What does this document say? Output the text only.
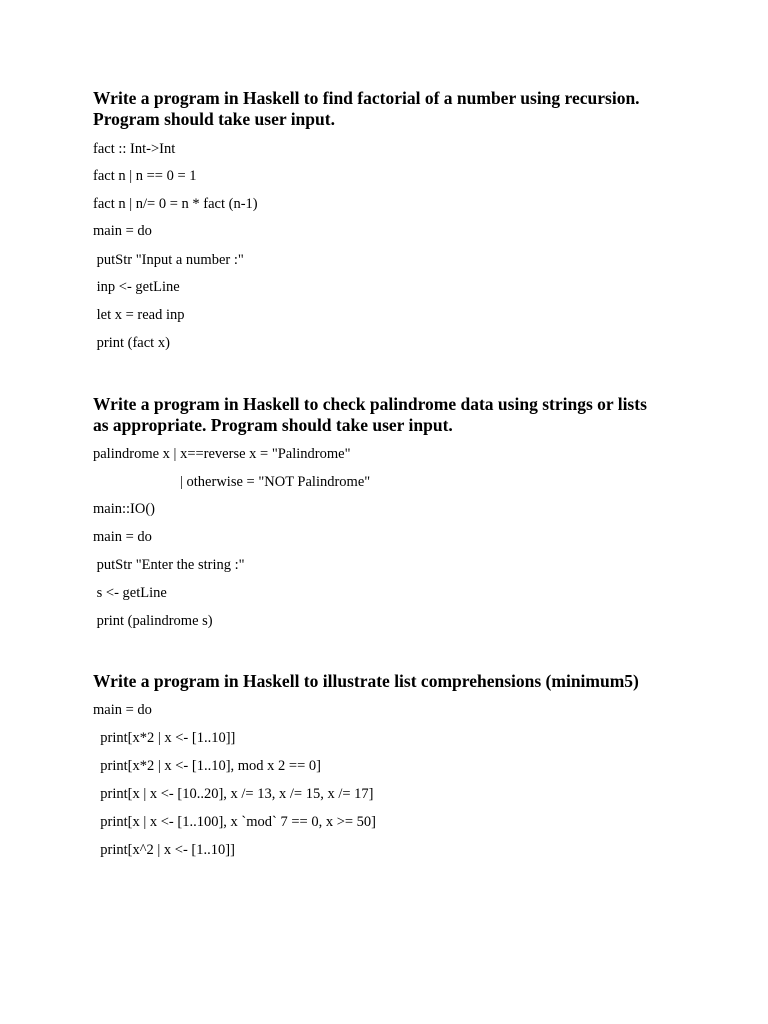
Write a program in Haskell to find factorial of a number using recursion.
Program should take user input.
fact :: Int->Int
fact n | n == 0 = 1
fact n | n/= 0 = n * fact (n-1)
main = do
putStr "Input a number :"
inp <- getLine
let x = read inp
print (fact x)
Write a program in Haskell to check palindrome data using strings or lists
as appropriate. Program should take user input.
palindrome x | x==reverse x = "Palindrome"
| otherwise = "NOT Palindrome"
main::IO()
main = do
putStr "Enter the string :"
s <- getLine
print (palindrome s)
Write a program in Haskell to illustrate list comprehensions (minimum5)
main = do
print[x*2 | x <- [1..10]]
print[x*2 | x <- [1..10], mod x 2 == 0]
print[x | x <- [10..20], x /= 13, x /= 15, x /= 17]
print[x | x <- [1..100], x `mod` 7 == 0, x >= 50]
print[x^2 | x <- [1..10]]
